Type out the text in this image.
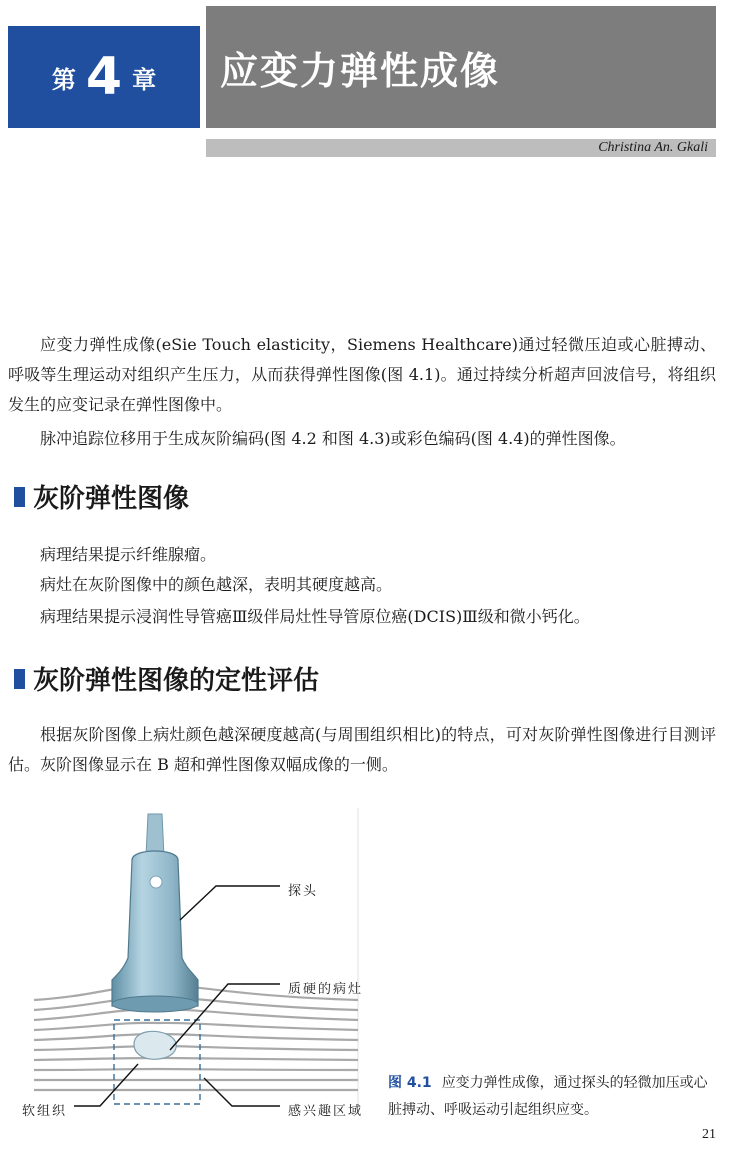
第 4 章 应变力弹性成像
Christina An. Gkali

应变力弹性成像(eSie Touch elasticity，Siemens Healthcare)通过轻微压迫或心脏搏动、呼吸等生理运动对组织产生压力，从而获得弹性图像(图 4.1)。通过持续分析超声回波信号，将组织发生的应变记录在弹性图像中。

脉冲追踪位移用于生成灰阶编码(图 4.2 和图 4.3)或彩色编码(图 4.4)的弹性图像。

灰阶弹性图像

病理结果提示纤维腺瘤。

病灶在灰阶图像中的颜色越深，表明其硬度越高。

病理结果提示浸润性导管癌Ⅲ级伴局灶性导管原位癌(DCIS)Ⅲ级和微小钙化。

灰阶弹性图像的定性评估

根据灰阶图像上病灶颜色越深硬度越高(与周围组织相比)的特点，可对灰阶弹性图像进行目测评估。灰阶图像显示在 B 超和弹性图像双幅成像的一侧。

探头
质硬的病灶
软组织	感兴趣区域

图 4.1 应变力弹性成像，通过探头的轻微加压或心脏搏动、呼吸运动引起组织应变。

21
